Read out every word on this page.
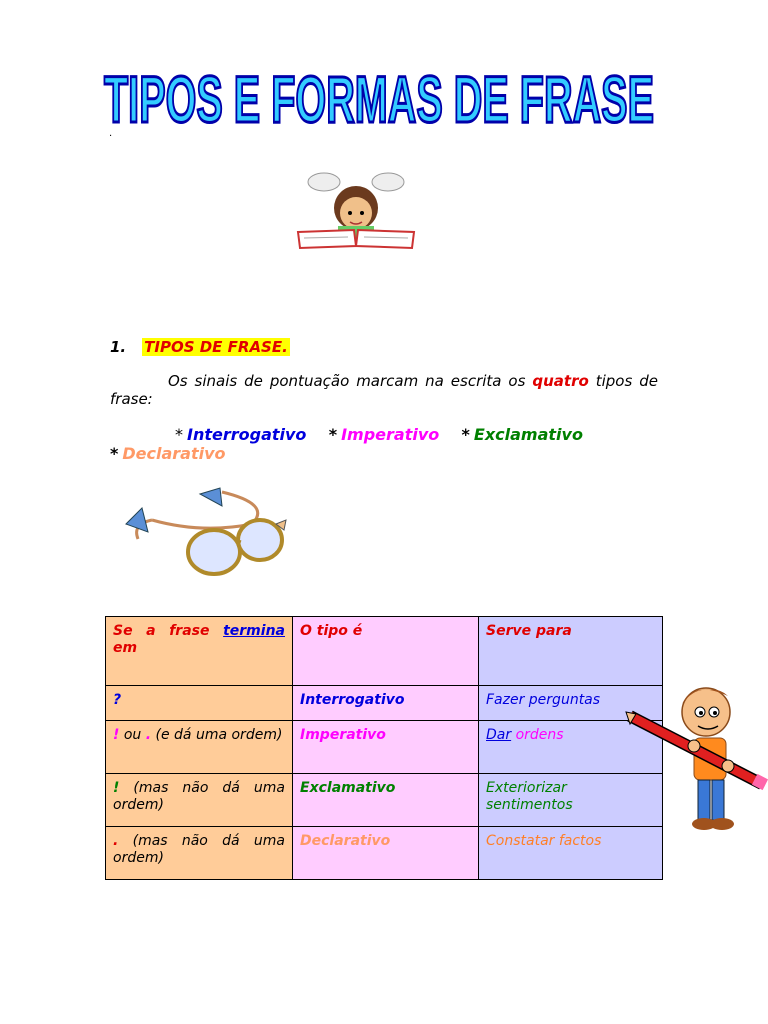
TIPOS E FORMAS DE FRASE
.
1. TIPOS DE FRASE.
Os sinais de pontuação marcam na escrita os quatro tipos de frase:
* Interrogativo * Imperativo * Exclamativo
* Declarativo
Se a frase termina em	O tipo é	Serve para
?	Interrogativo	Fazer perguntas
! ou . (e dá uma ordem)	Imperativo	Dar ordens
! (mas não dá uma ordem)	Exclamativo	Exteriorizar sentimentos
. (mas não dá uma ordem)	Declarativo	Constatar factos
